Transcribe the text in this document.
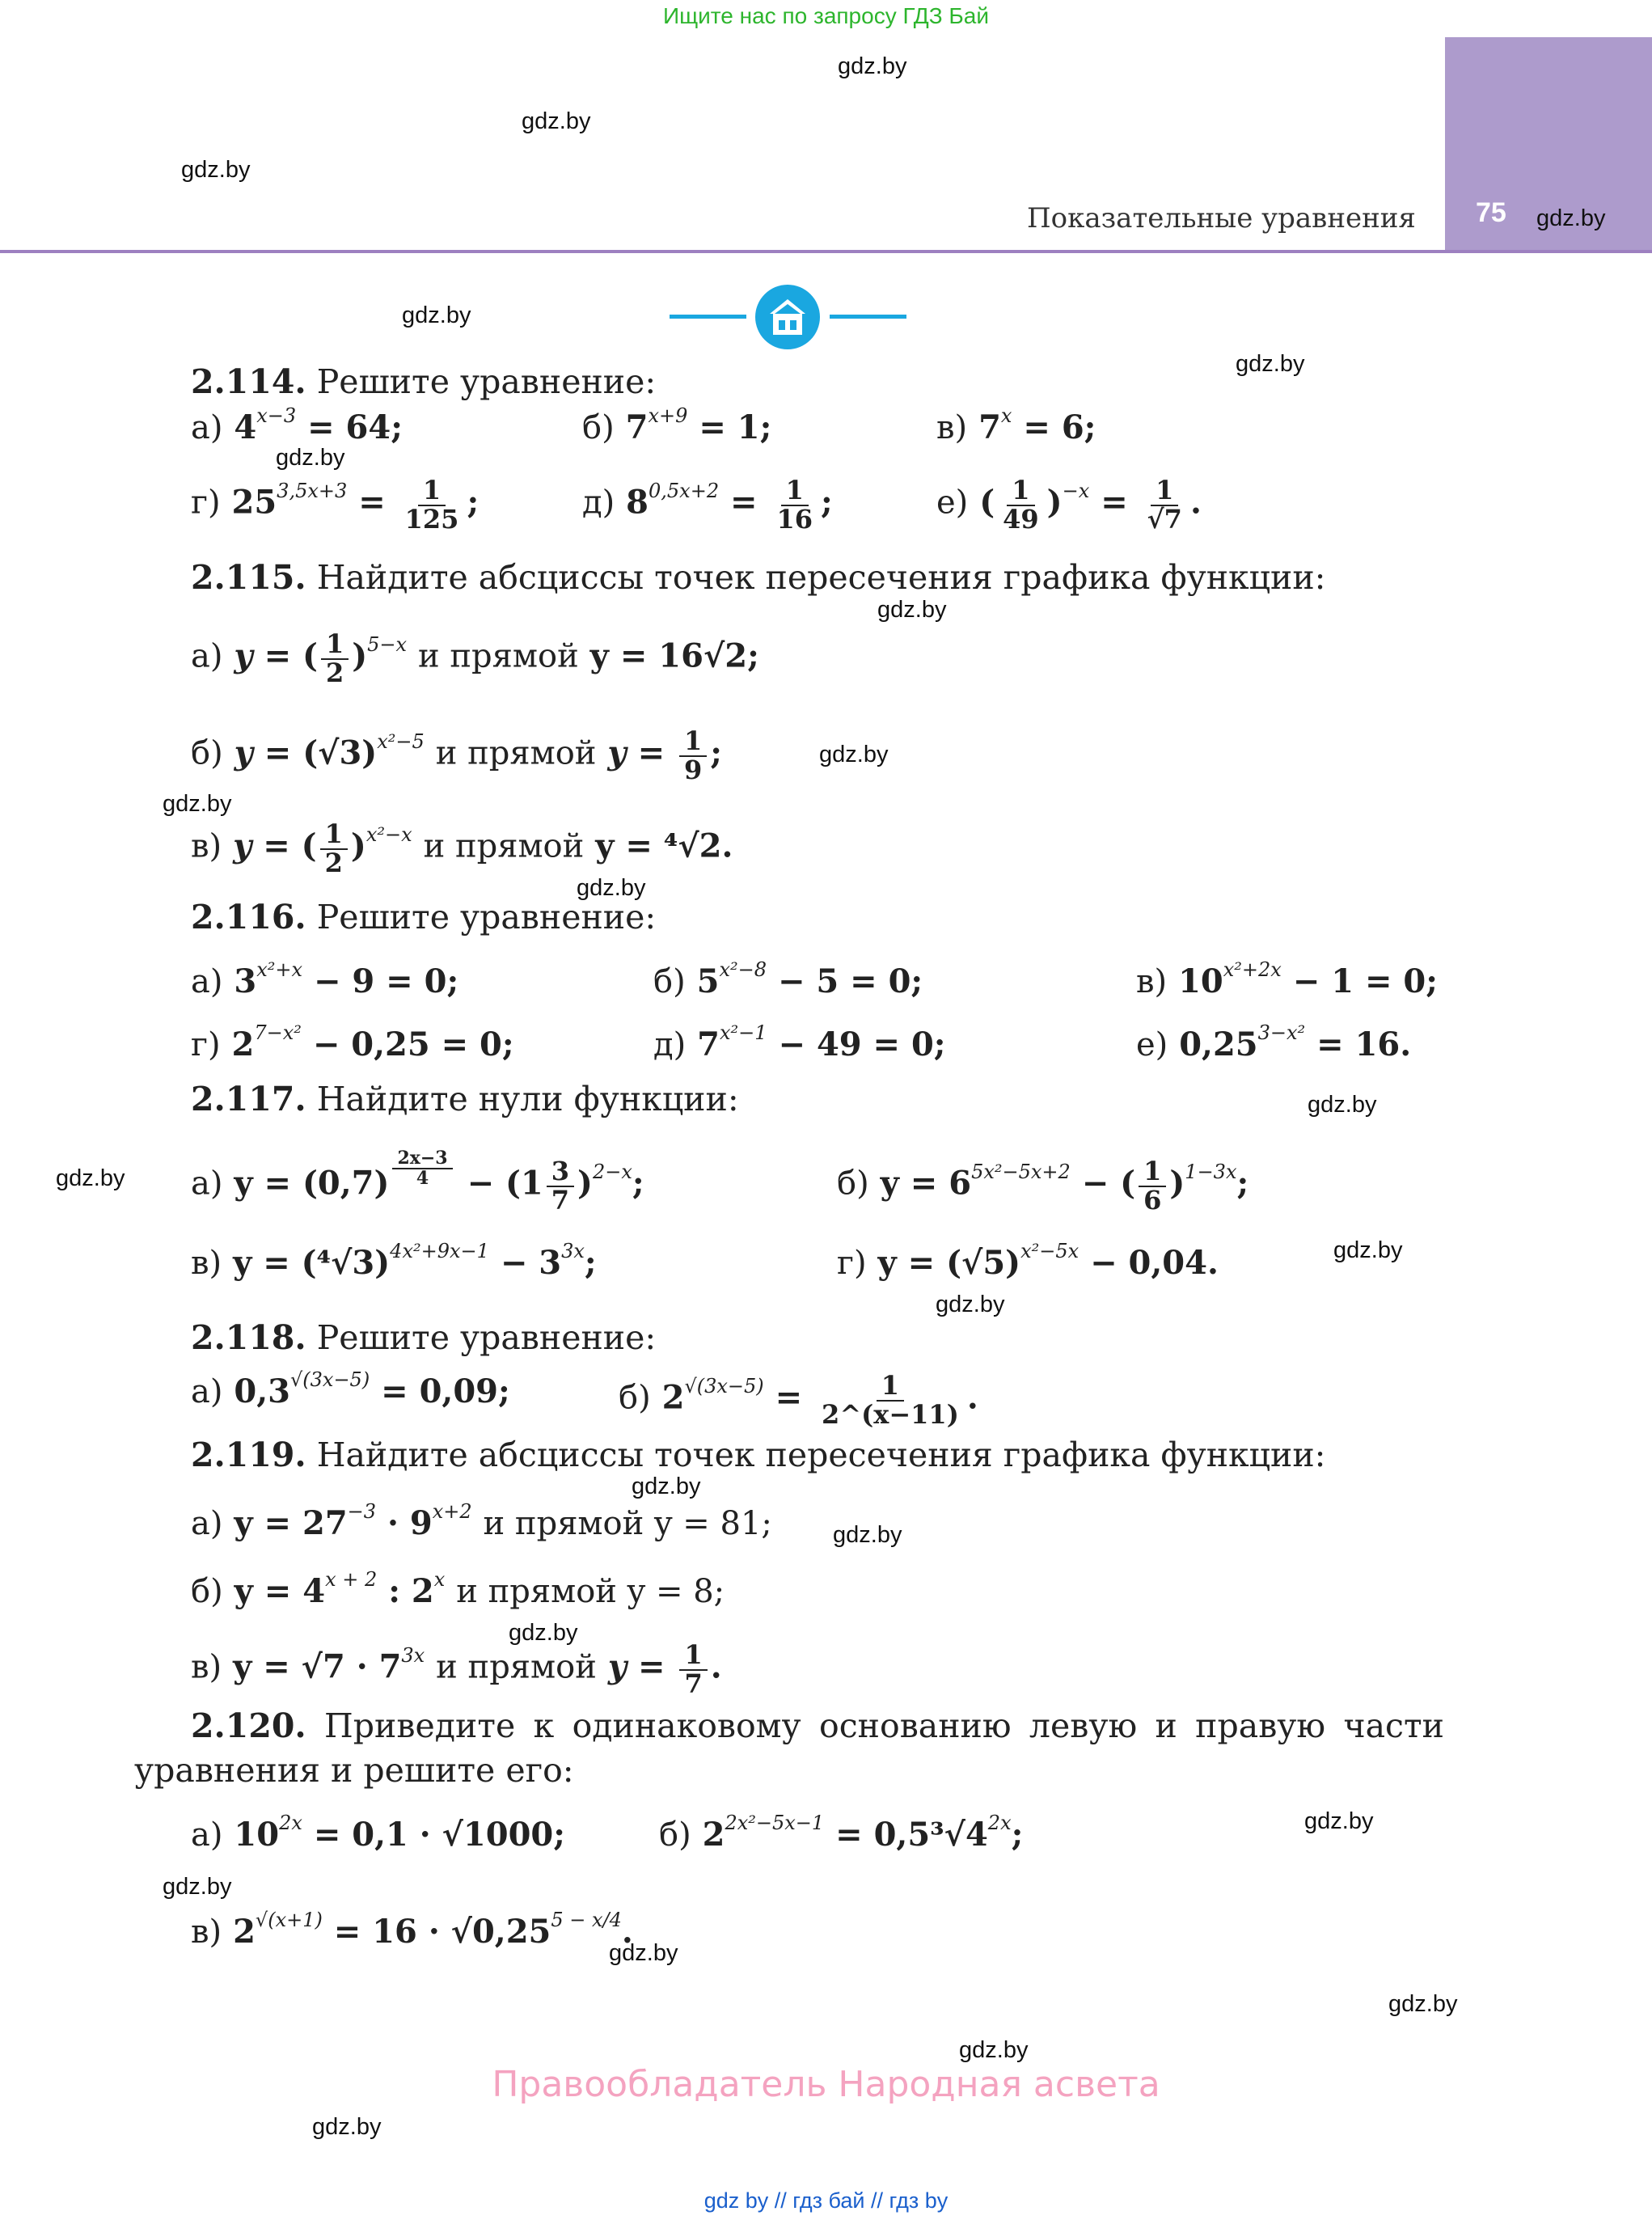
Ищите нас по запросу ГДЗ Бай
75
Показательные уравнения
gdz.by
gdz.by
gdz.by
gdz.by
gdz.by
gdz.by
gdz.by
gdz.by
gdz.by
gdz.by
gdz.by
gdz.by
gdz.by
gdz.by
gdz.by
gdz.by
gdz.by
gdz.by
gdz.by
gdz.by
gdz.by
gdz.by
gdz.by
gdz.by
2.114. Решите уравнение:
а) $4^{x-3} = 64$;	б) $7^{x+9} = 1$;	в) $7^x = 6$;
г) $25^{3,5x+3} = \frac{1}{125}$ ;	д) $8^{0,5x+2} = \frac{1}{16}$ ;	е) ( $\frac{1}{49} )^{-x} = \frac{1}{√7}$ .
2.115. Найдите абсциссы точек пересечения графика функции:
а) y = ( $\frac{1}{2} )^{5-x}$ и прямой y = 16√2;
б) $y = (√3)^{x^2-5}$ и прямой $y = \frac{1}{9}$ ;
в) y = ( $\frac{1}{2} )^{x^2-x}$ и прямой y = ⁴√2.
2.116. Решите уравнение:
а) $3^{x^2+x} - 9 = 0$;	б) $5^{x^2-8} - 5 = 0$;	в) $10^{x^2+2x} - 1 = 0$;
г) $2^{7-x^2} - 0,25 = 0$;	д) $7^{x^2-1} - 49 = 0$;	е) $0,25^{3-x^2} = 16$.
2.117. Найдите нули функции:
а) $y = (0,7) \frac{2x-3}{4} - (1 \frac{3}{7} )^{2-x}$;	б) $y = 6^{5x^2-5x+2}$ − ( $\frac{1}{6} )^{1-3x}$;
в) $y = (^4√3)^{4x^2+9x-1} - 3^{3x}$;	г) $y = (√5)^{x^2-5x} - 0,04$.
2.118. Решите уравнение:
а) $0,3^{√(3x-5)} = 0,09$;	б) $2^{√(3x-5)} = \frac{1}{2\^{}(x-11)}$ .
2.119. Найдите абсциссы точек пересечения графика функции:
а) $y = 27^{-3} \cdot 9^{x+2}$ и прямой y = 81;
б) $y = 4^{x + 2}$ : 2$^x$ и прямой y = 8;
в) $y = √7 \cdot 7^{3x}$ и прямой $y = \frac{1}{7}$ .
2.120. Приведите к одинаковому основанию левую и правую части
уравнения и решите его:
а) $10^{2x} = 0,1 \cdot √1000$;	б) $2^{2x^2-5x-1} = 0,5^3√4^{2x}$;
в) $2^{√(x+1)} = 16 \cdot √0,25^{5 - x/4}$.
Правообладатель Народная асвета
gdz by // гдз бай // гдз by
